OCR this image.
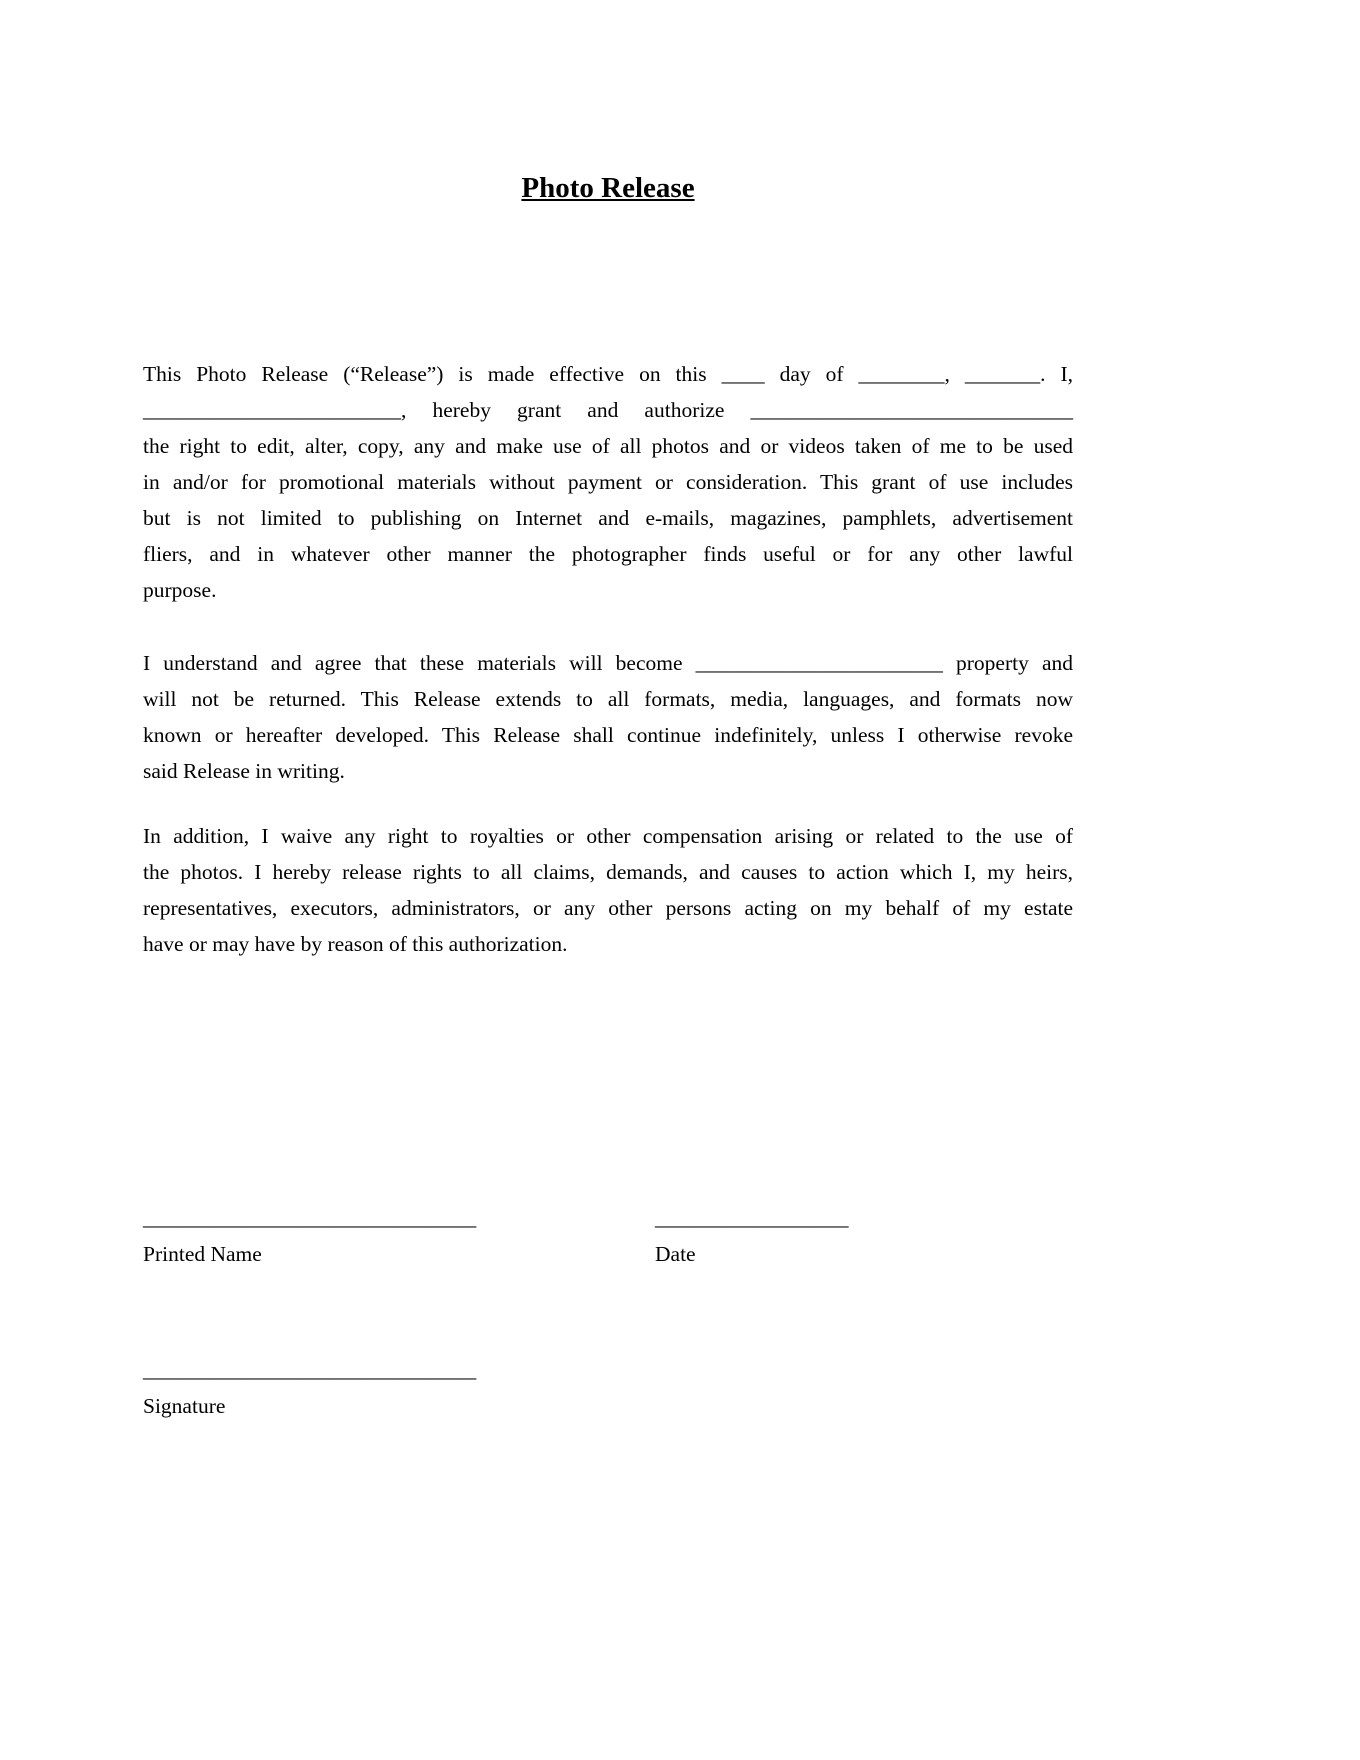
Photo Release
This Photo Release (“Release”) is made effective on this ____ day of ________, _______. I,
________________________, hereby grant and authorize ______________________________
the right to edit, alter, copy, any and make use of all photos and or videos taken of me to be used
in and/or for promotional materials without payment or consideration. This grant of use includes
but is not limited to publishing on Internet and e-mails, magazines, pamphlets, advertisement
fliers, and in whatever other manner the photographer finds useful or for any other lawful
purpose.
I understand and agree that these materials will become _______________________ property and
will not be returned. This Release extends to all formats, media, languages, and formats now
known or hereafter developed. This Release shall continue indefinitely, unless I otherwise revoke
said Release in writing.
In addition, I waive any right to royalties or other compensation arising or related to the use of
the photos. I hereby release rights to all claims, demands, and causes to action which I, my heirs,
representatives, executors, administrators, or any other persons acting on my behalf of my estate
have or may have by reason of this authorization.
_______________________________
Printed Name
__________________
Date
_______________________________
Signature
